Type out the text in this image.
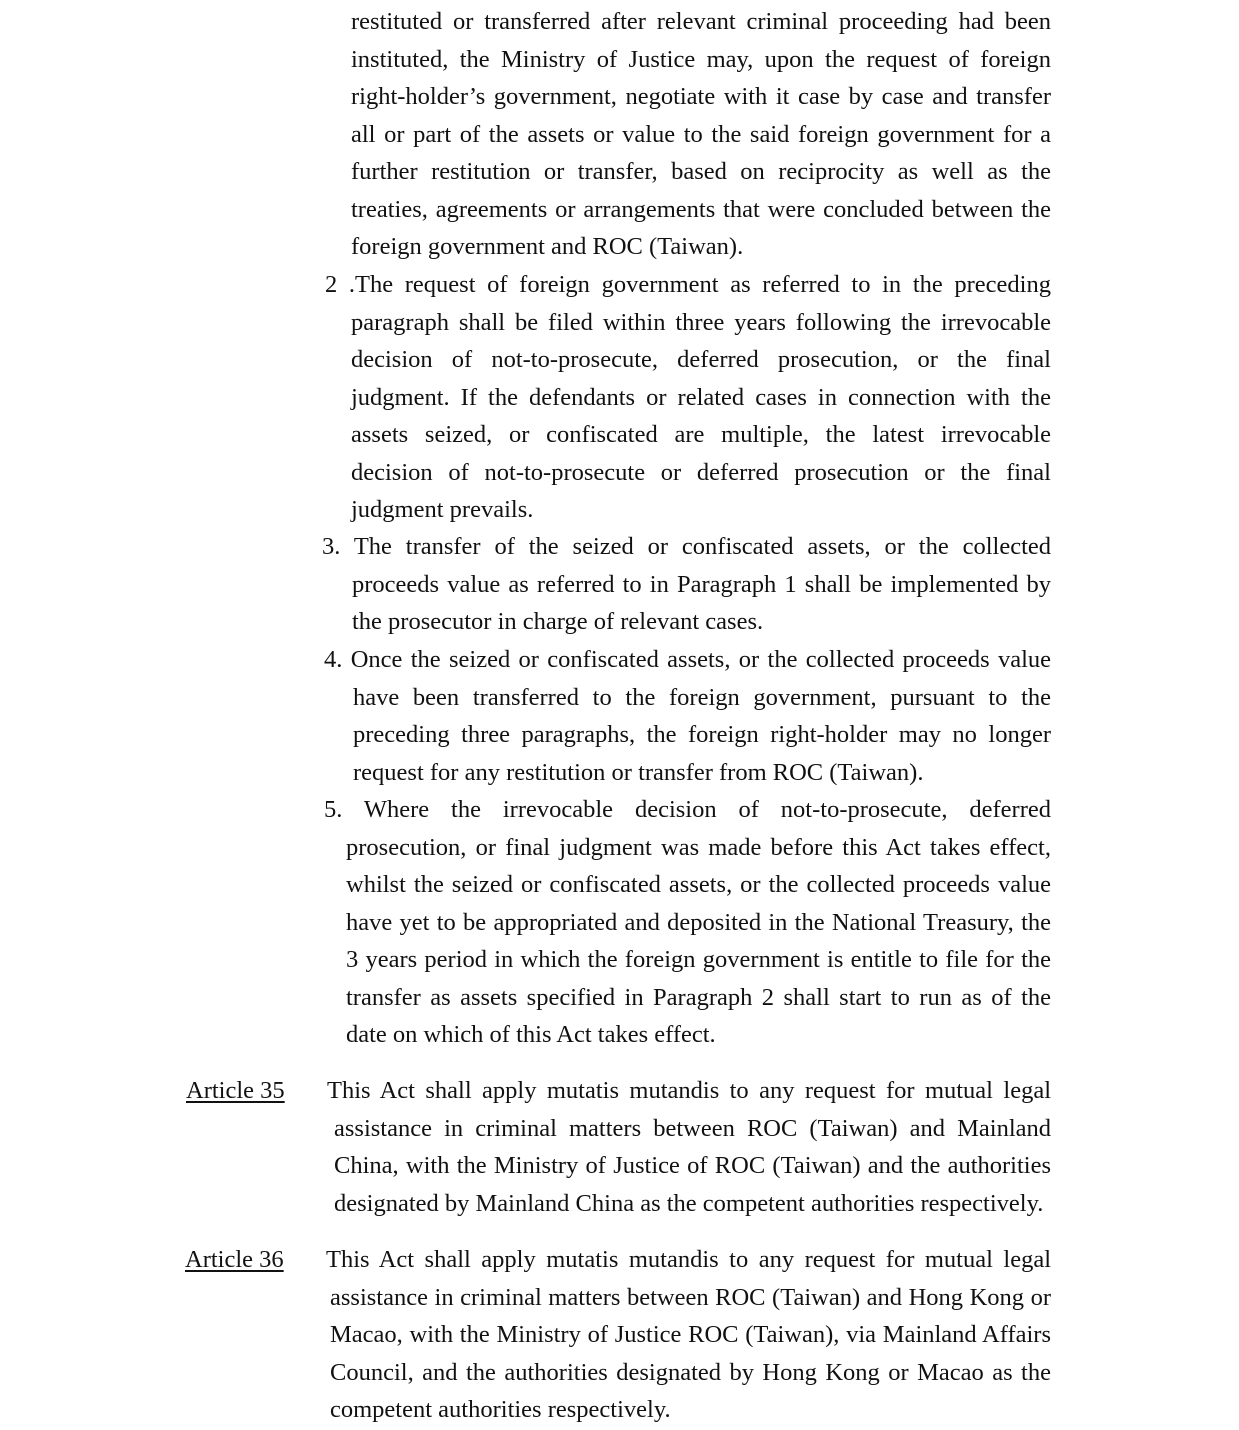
restituted or transferred after relevant criminal proceeding had been instituted, the Ministry of Justice may, upon the request of foreign right-holder’s government, negotiate with it case by case and transfer all or part of the assets or value to the said foreign government for a further restitution or transfer, based on reciprocity as well as the treaties, agreements or arrangements that were concluded between the foreign government and ROC (Taiwan).

2 .The request of foreign government as referred to in the preceding paragraph shall be filed within three years following the irrevocable decision of not-to-prosecute, deferred prosecution, or the final judgment. If the defendants or related cases in connection with the assets seized, or confiscated are multiple, the latest irrevocable decision of not-to-prosecute or deferred prosecution or the final judgment prevails.

3. The transfer of the seized or confiscated assets, or the collected proceeds value as referred to in Paragraph 1 shall be implemented by the prosecutor in charge of relevant cases.

4. Once the seized or confiscated assets, or the collected proceeds value have been transferred to the foreign government, pursuant to the preceding three paragraphs, the foreign right-holder may no longer request for any restitution or transfer from ROC (Taiwan).

5. Where the irrevocable decision of not-to-prosecute, deferred prosecution, or final judgment was made before this Act takes effect, whilst the seized or confiscated assets, or the collected proceeds value have yet to be appropriated and deposited in the National Treasury, the 3 years period in which the foreign government is entitle to file for the transfer as assets specified in Paragraph 2 shall start to run as of the date on which of this Act takes effect.

Article 35 This Act shall apply mutatis mutandis to any request for mutual legal assistance in criminal matters between ROC (Taiwan) and Mainland China, with the Ministry of Justice of ROC (Taiwan) and the authorities designated by Mainland China as the competent authorities respectively.

Article 36 This Act shall apply mutatis mutandis to any request for mutual legal assistance in criminal matters between ROC (Taiwan) and Hong Kong or Macao, with the Ministry of Justice ROC (Taiwan), via Mainland Affairs Council, and the authorities designated by Hong Kong or Macao as the competent authorities respectively.
